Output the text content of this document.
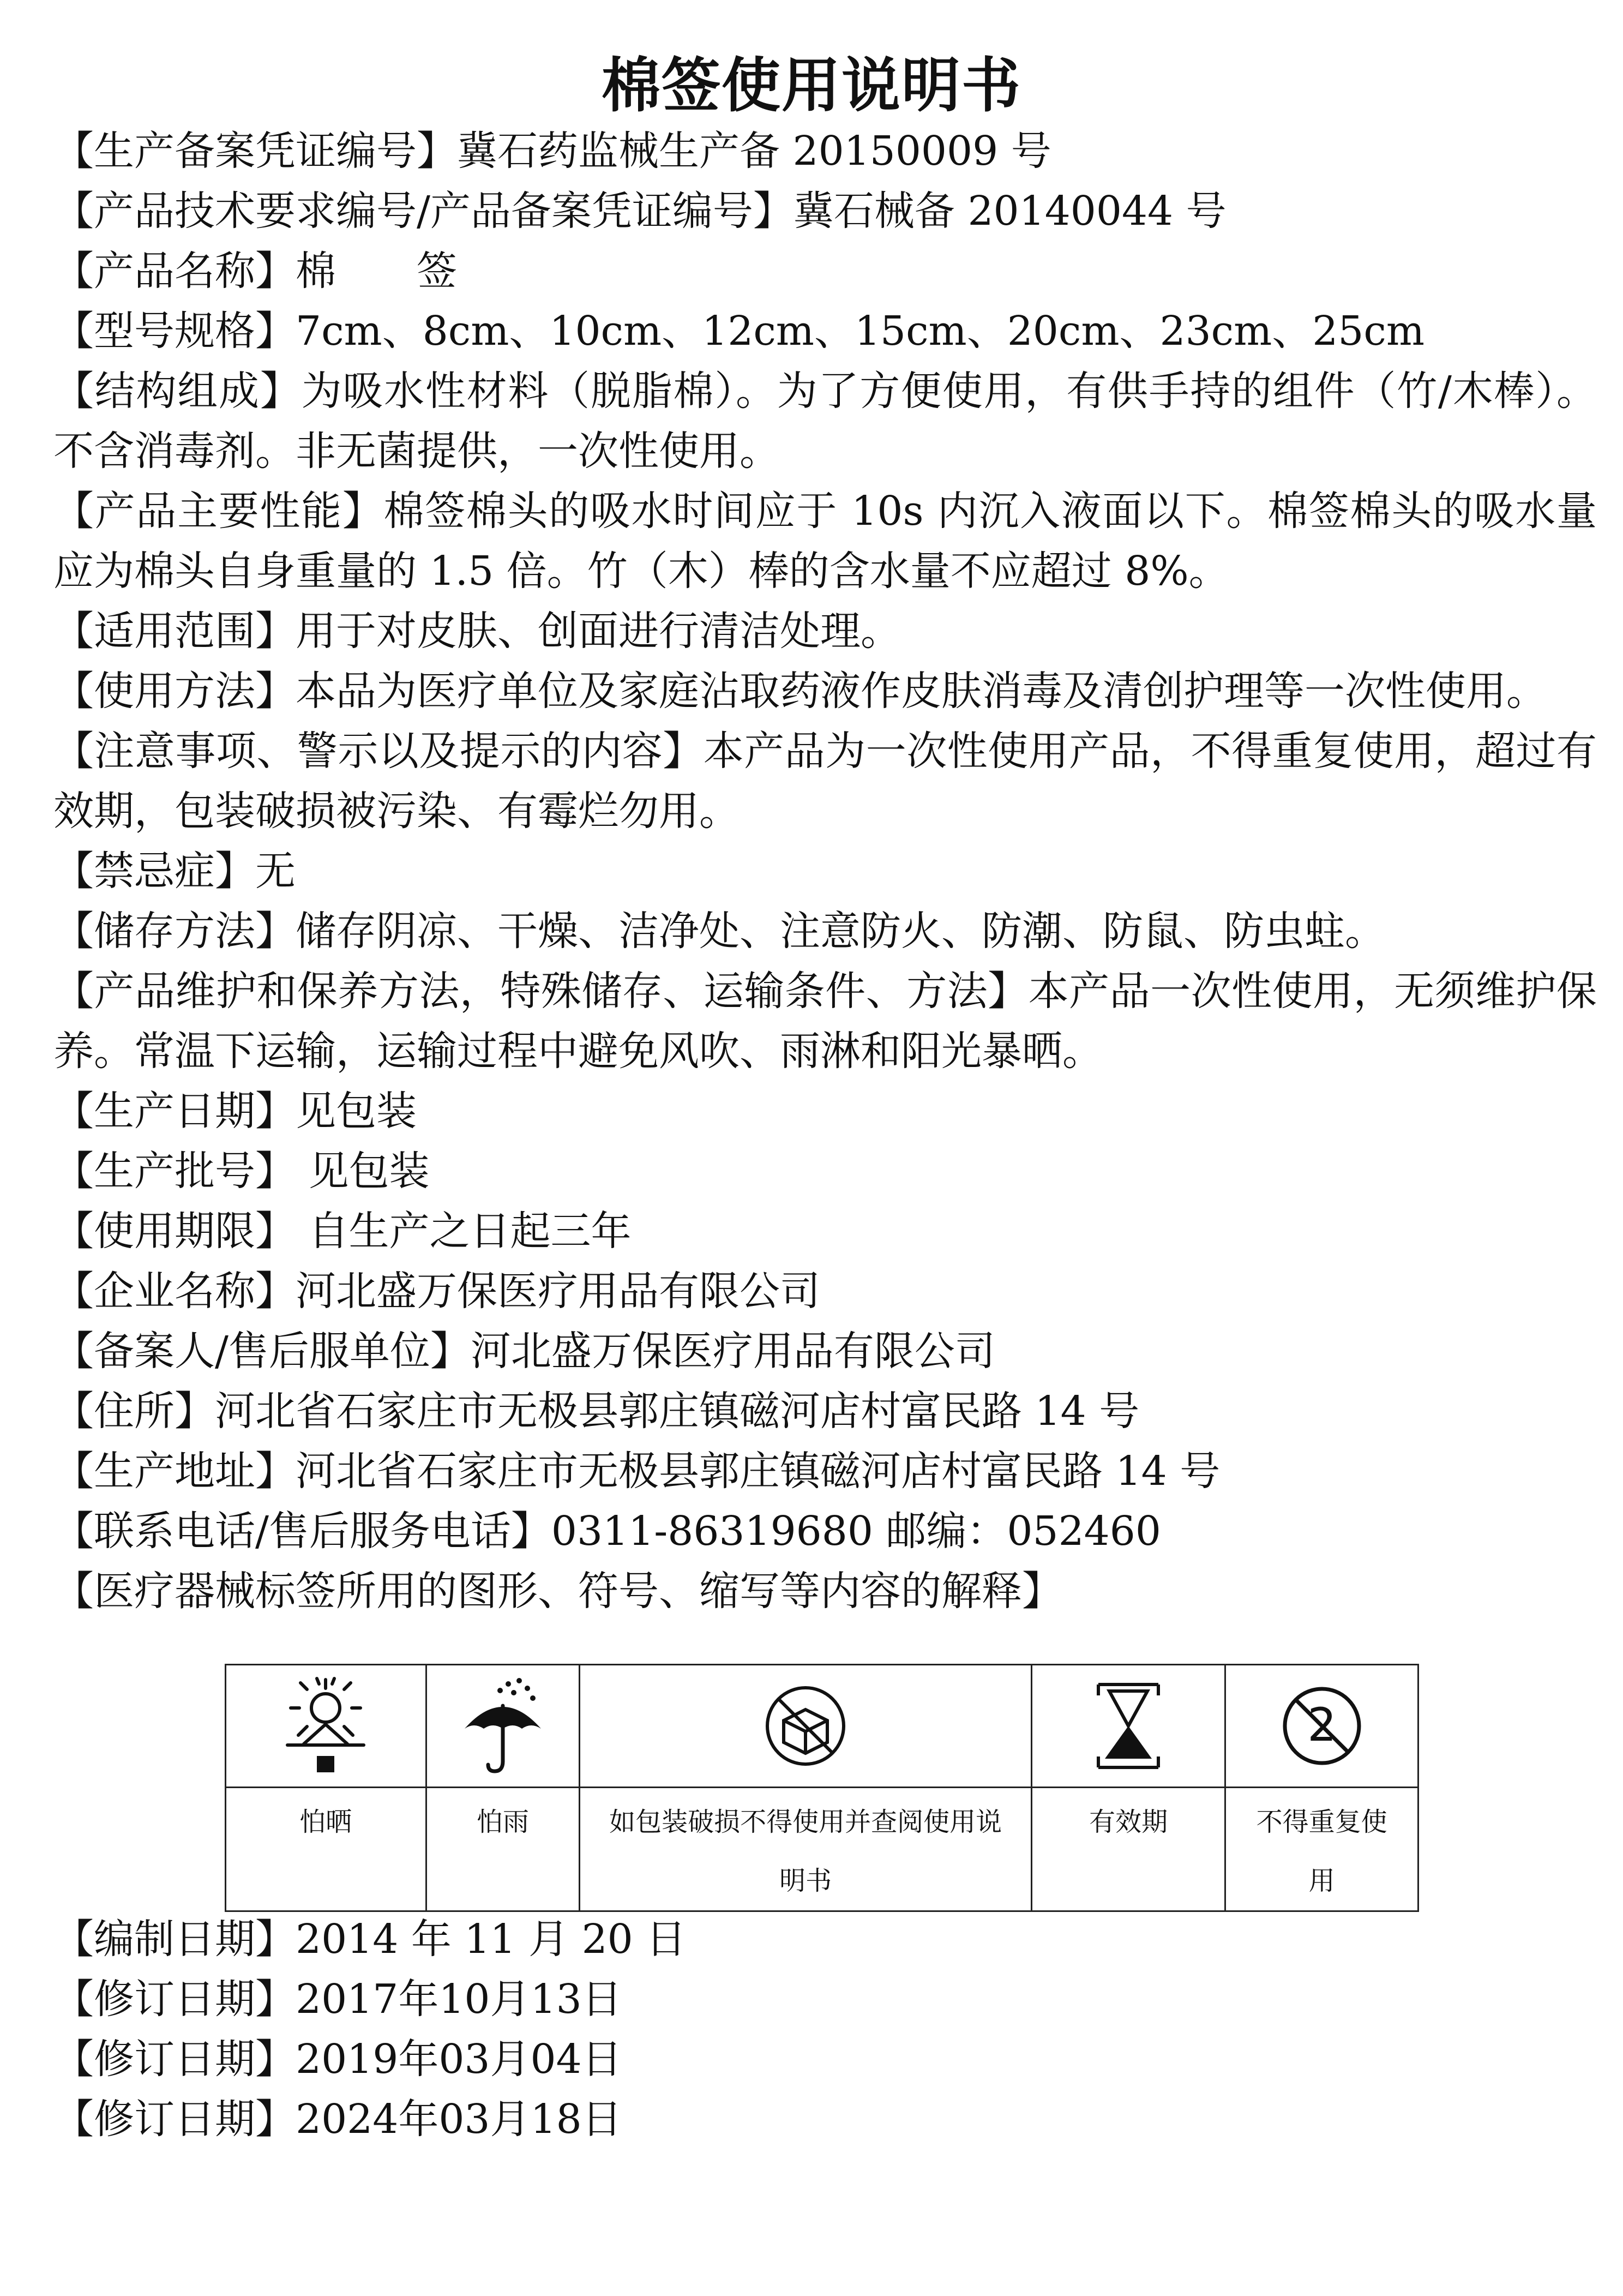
棉签使用说明书
【生产备案凭证编号】冀石药监械生产备 20150009 号
【产品技术要求编号/产品备案凭证编号】冀石械备 20140044 号
【产品名称】棉　　签
【型号规格】7cm、8cm、10cm、12cm、15cm、20cm、23cm、25cm
【结构组成】为吸水性材料（脱脂棉）。为了方便使用，有供手持的组件（竹/木棒）。不含消毒剂。非无菌提供，一次性使用。
【产品主要性能】棉签棉头的吸水时间应于 10s 内沉入液面以下。棉签棉头的吸水量应为棉头自身重量的 1.5 倍。竹（木）棒的含水量不应超过 8%。
【适用范围】用于对皮肤、创面进行清洁处理。
【使用方法】本品为医疗单位及家庭沾取药液作皮肤消毒及清创护理等一次性使用。
【注意事项、警示以及提示的内容】本产品为一次性使用产品，不得重复使用，超过有效期，包装破损被污染、有霉烂勿用。
【禁忌症】无
【储存方法】储存阴凉、干燥、洁净处、注意防火、防潮、防鼠、防虫蛀。
【产品维护和保养方法，特殊储存、运输条件、方法】本产品一次性使用，无须维护保养。常温下运输，运输过程中避免风吹、雨淋和阳光暴晒。
【生产日期】见包装
【生产批号】 见包装
【使用期限】 自生产之日起三年
【企业名称】河北盛万保医疗用品有限公司
【备案人/售后服单位】河北盛万保医疗用品有限公司
【住所】河北省石家庄市无极县郭庄镇磁河店村富民路 14 号
【生产地址】河北省石家庄市无极县郭庄镇磁河店村富民路 14 号
【联系电话/售后服务电话】0311-86319680 邮编：052460
【医疗器械标签所用的图形、符号、缩写等内容的解释】

2

怕晒	怕雨	如包装破损不得使用并查阅使用说明书	有效期	不得重复使用
【编制日期】2014 年 11 月 20 日
【修订日期】2017年10月13日
【修订日期】2019年03月04日
【修订日期】2024年03月18日
